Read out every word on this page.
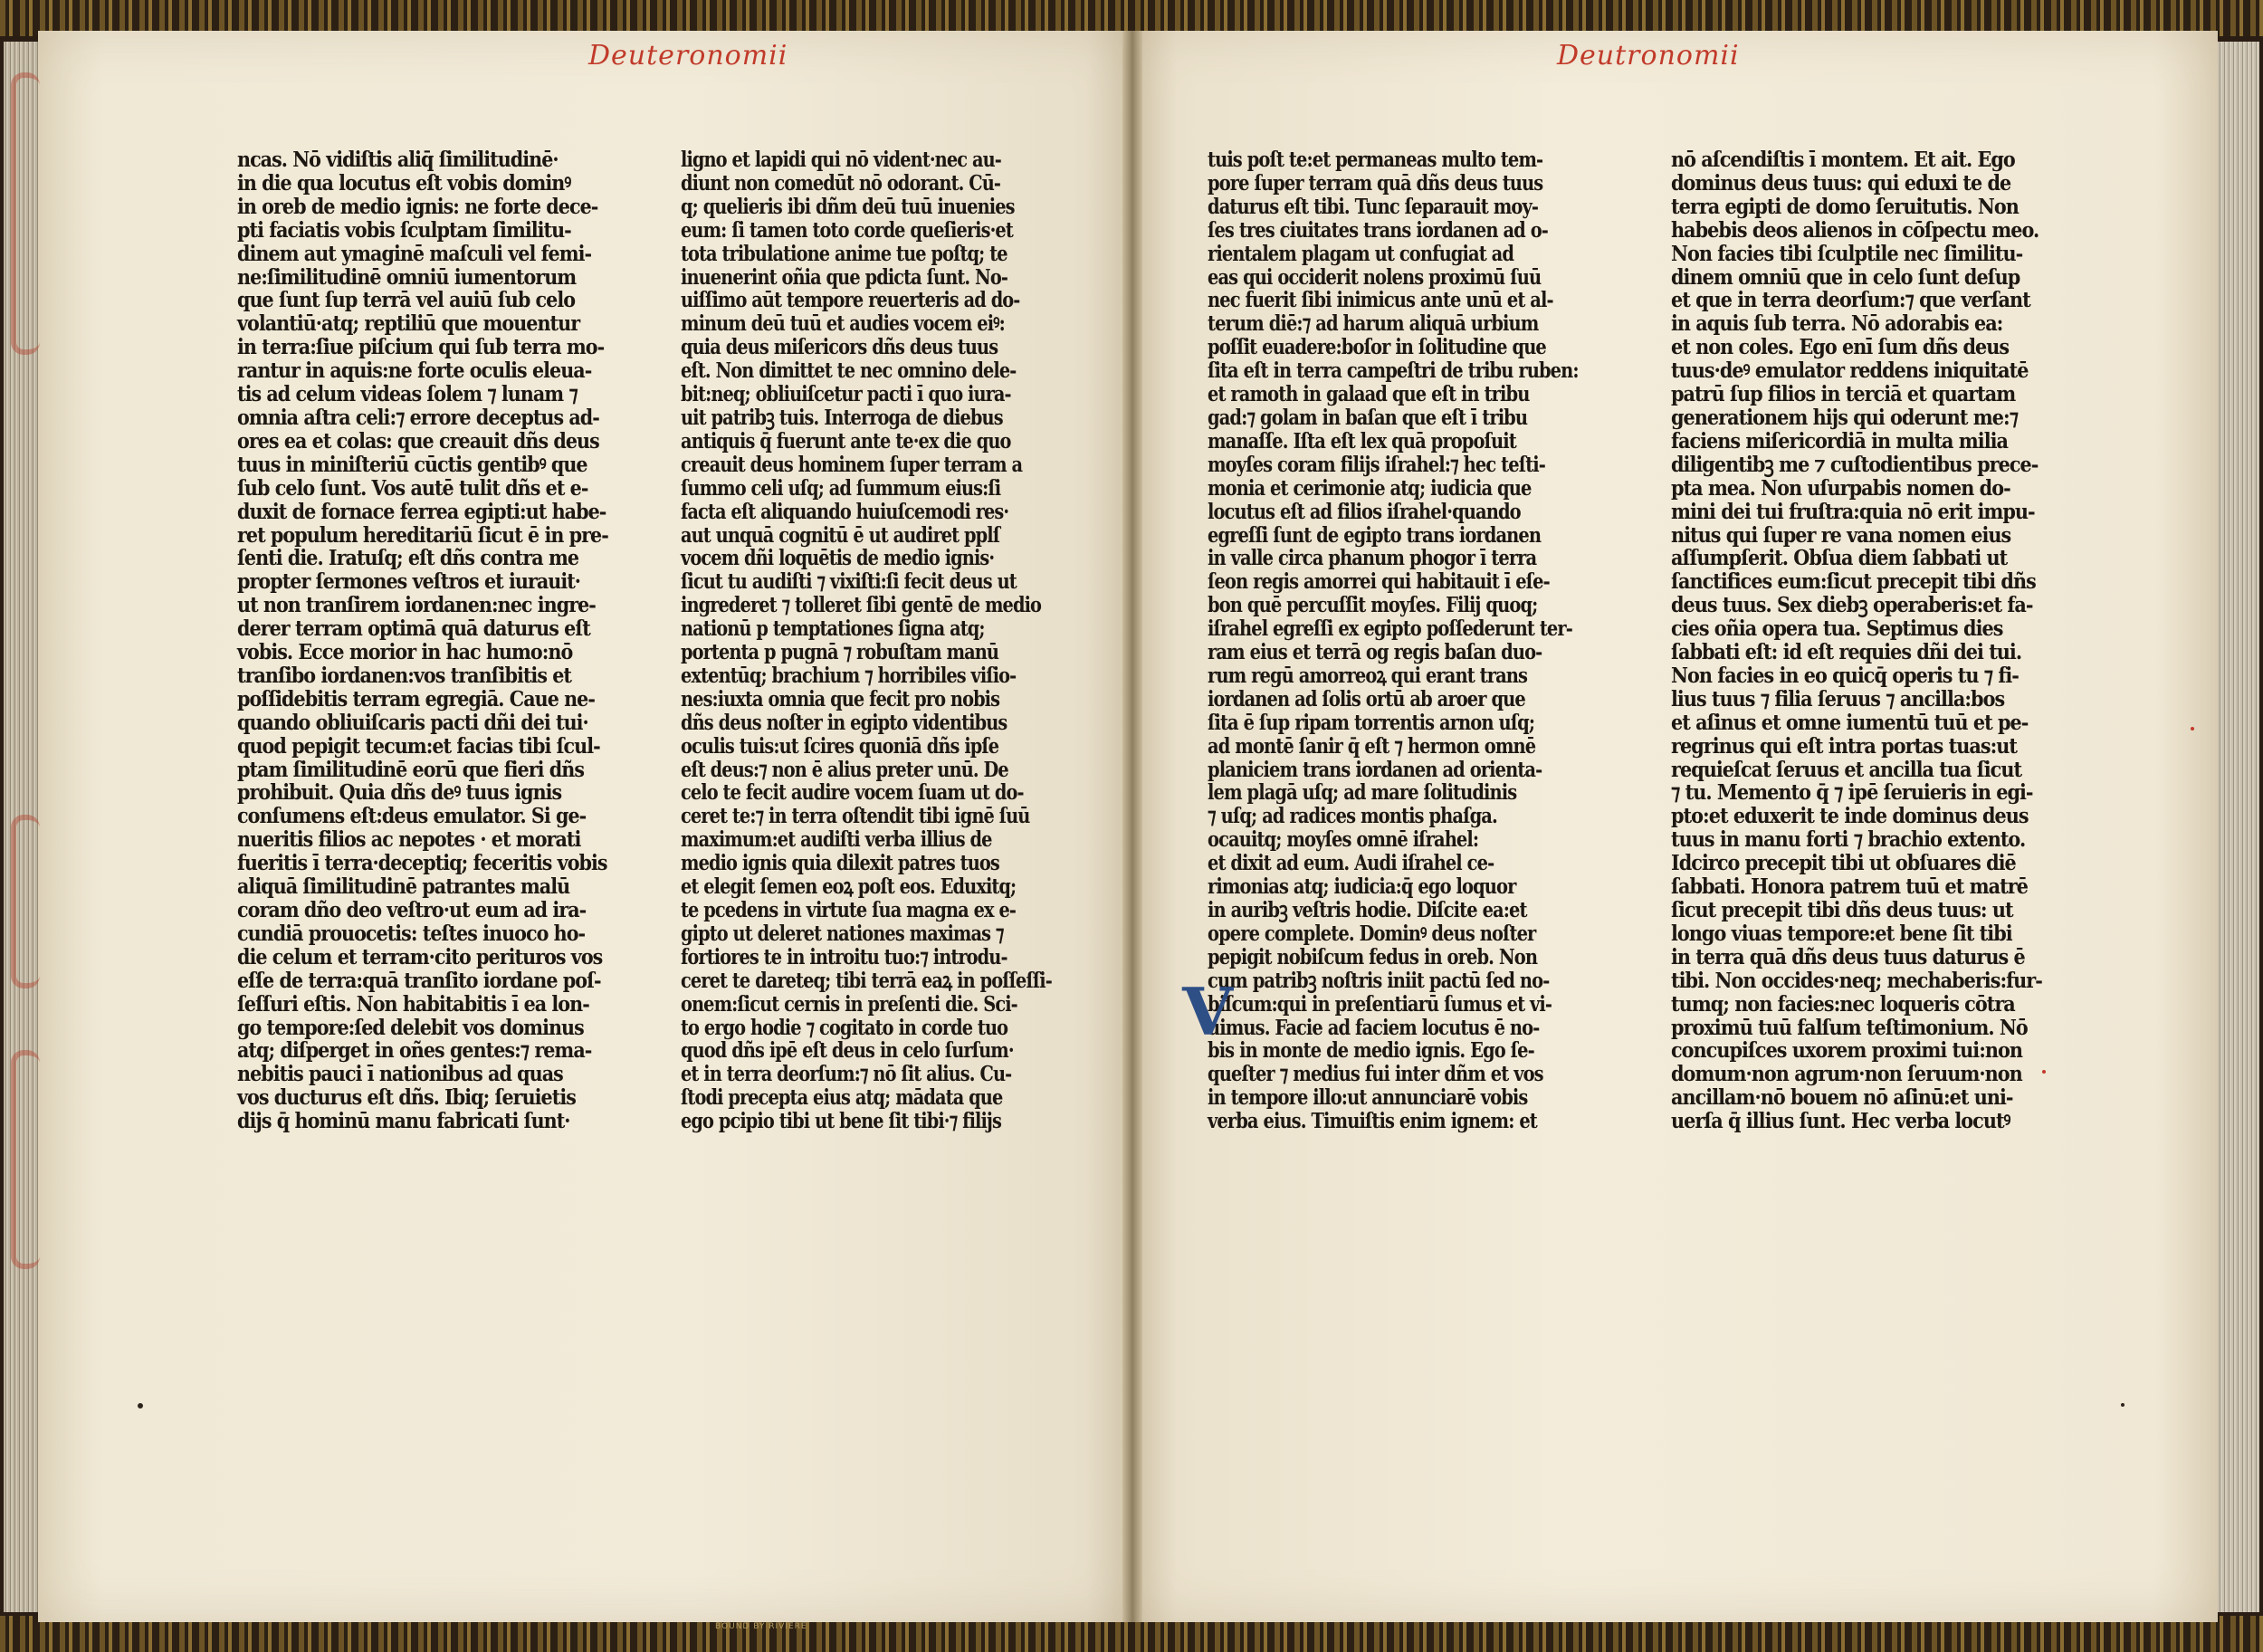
Deuteronomii	Deutronomii
ncas. Nō vidiſtis aliq̄ ſimilitudinē·
in die qua locutus eſt vobis dominꝰ
in oreb de medio ignis: ne forte
pti faciatis vobis ſculptam ſimilitu-
dinem aut ymaginē maſculi vel
ne:ſimilitudinē omniū iumentorum
que ſunt ſup terrā vel auiū ſub celo
volantiū·atq; reptiliū que mouentur
in terra:ſiue piſcium qui ſub terra
rantur in aquis:ne forte oculis eleua-
tis ad celum videas ſolem ⁊ lunam
omnia aſtra celi:⁊ errore deceptus
ores ea et colas: que creauit dñs
tuus in miniſteriū cūctis gentibꝰ
ſub celo ſunt. Vos autē tulit dñs et
duxit de fornace ferrea egipti:ut
ret populum hereditariū ſicut ē in
ſenti die. Iratuſq; eſt dñs contra me
propter ſermones veſtros et iurauit·
ut non tranſirem iordanen:nec
derer terram optimā quā daturus
vobis. Ecce morior in hac humo:nō
tranſibo iordanen:vos tranſibitis et
poſſidebitis terram egregiā. Caue
quando obliuiſcaris pacti dñi dei
quod pepigit tecum:et facias tibi
ptam ſimilitudinē eorū que fieri
prohibuit. Quia dñs deꝰ tuus ignis
conſumens eſt:deus emulator. Si
nueritis filios ac nepotes · et morati
fueritis ī terra·deceptiq; feceritis
aliquā ſimilitudinē patrantes malū
coram dño deo veſtro·ut eum ad
cundiā prouocetis: teſtes inuoco
die celum et terram·cito perituros
eſſe de terra:quā tranſito iordane
ſeſſuri eſtis. Non habitabitis ī ea
go tempore:ſed delebit vos dominus
atq; diſperget in oñes gentes:⁊ rema-
nebitis pauci ī nationibus ad quas
vos ducturus eſt dñs. Ibiq; ſeruietis
dijs q̄ hominū manu fabricati ſunt·
ligno et lapidi qui nō vident·nec
diunt non comedūt nō odorant. Cū-
q; quelieris ibi dñm deū tuū inuenies
eum: ſi tamen toto corde queſieris·et
tota tribulatione anime tue poſtq;
inuenerint oñia que pdicta ſunt.
uiſſimo aūt tempore reuerteris ad
minum deū tuū et audies vocem
quia deus miſericors dñs deus tuus
eſt. Non dimittet te nec omnino
bit:neq; obliuiſcetur pacti ī quo
uit patribꝫ tuis. Interroga de diebus
antiquis q̄ fuerunt ante te·ex die
creauit deus hominem ſuper terram
ſummo celi uſq; ad ſummum eius:ſi
facta eſt aliquando huiuſcemodi
aut unquā cognitū ē ut audiret pplſ
vocem dñi loquētis de medio ignis·
ſicut tu audiſti ⁊ vixiſti:ſi fecit deus
ingrederet ⁊ tolleret ſibi gentē de
nationū p temptationes ſigna atq;
portenta p pugnā ⁊ robuſtam manū
extentūq; brachium ⁊ horribiles
nes:iuxta omnia que fecit pro nobis
dñs deus noſter in egipto videntibus
oculis tuis:ut ſcires quoniā dñs ipſe
eſt deus:⁊ non ē alius preter unū.
celo te fecit audire vocem ſuam ut
ceret te:⁊ in terra oſtendit tibi ignē
maximum:et audiſti verba illius de
medio ignis quia dilexit patres tuos
et elegit ſemen eoꝝ poſt eos. Eduxitq;
te pcedens in virtute ſua magna ex
gipto ut deleret nationes maximas
fortiores te in introitu tuo:⁊ introdu-
ceret te dareteq; tibi terrā eaꝝ in
onem:ſicut cernis in preſenti die.
to ergo hodie ⁊ cogitato in corde
quod dñs ipē eſt deus in celo ſurſum·
et in terra deorſum:⁊ nō ſit alius.
ſtodi precepta eius atq; mādata que
ego pcipio tibi ut bene ſit tibi·⁊ filijs
tuis poſt te:et permaneas multo
pore ſuper terram quā dñs deus
daturus eſt tibi. Tunc ſeparauit
ſes tres ciuitates trans iordanen ad
rientalem plagam ut confugiat ad
eas qui occiderit nolens proximū
nec fuerit ſibi inimicus ante unū
terum diē:⁊ ad harum aliquā urbium
poſſit euadere:boſor in ſolitudine
ſita eſt in terra campeſtri de tribu
et ramoth in galaad que eſt in tribu
gad:⁊ golam in baſan que eſt ī tribu
manaſſe. Iſta eſt lex quā propoſuit
moyſes coram filijs iſrahel:⁊ hec
monia et cerimonie atq; iudicia que
locutus eſt ad filios iſrahel·quando
egreſſi ſunt de egipto trans iordanen
in valle circa phanum phogor ī terra
ſeon regis amorrei qui habitauit ī
bon quē percuſſit moyſes. Filij quoq;
iſrahel egreſſi ex egipto poſſederunt
ram eius et terrā og regis baſan
rum regū amorreoꝝ qui erant trans
iordanen ad ſolis ortū ab aroer que
ſita ē ſup ripam torrentis arnon
ad montē ſanir q̄ eſt ⁊ hermon omnē
planiciem trans iordanen ad orienta-
lem plagā uſq; ad mare ſolitudinis
⁊ uſq; ad radices montis phaſga.
ocauitq; moyſes omnē iſrahel:
et dixit ad eum. Audi iſrahel ce-
rimonias atq; iudicia:q̄ ego loquor
in auribꝫ veſtris hodie. Diſcite ea:et
opere complete. Dominꝰ deus noſter
pepigit nobiſcum fedus in oreb.
cum patribꝫ noſtris iniit pactū ſed
biſcum:qui in preſentiarū ſumus
uimus. Facie ad faciem locutus ē
bis in monte de medio ignis. Ego
queſter ⁊ medius fui inter dñm et
in tempore illo:ut annunciarē vobis
verba eius. Timuiſtis enim ignem:
nō aſcendiſtis ī montem. Et ait. Ego
dominus deus tuus: qui eduxi te
terra egipti de domo ſeruitutis. Non
habebis deos alienos in cōſpectu
Non facies tibi ſculptile nec ſimilitu-
dinem omniū que in celo ſunt deſup
et que in terra deorſum:⁊ que verſant
in aquis ſub terra. Nō adorabis ea:
et non coles. Ego enī ſum dñs deus
tuus·deꝰ emulator reddens iniquitatē
patrū ſup filios in terciā et quartam
generationem hijs qui oderunt me:⁊
faciens miſericordiā in multa milia
diligentibꝫ me ⁊ cuſtodientibus
pta mea. Non uſurpabis nomen do-
mini dei tui fruſtra:quia nō erit
nitus qui ſuper re vana nomen eius
aſſumpſerit. Obſua diem ſabbati ut
ſanctifices eum:ſicut precepit tibi
deus tuus. Sex diebꝫ operaberis:et
cies oñia opera tua. Septimus dies
ſabbati eſt: id eſt requies dñi dei
Non facies in eo quicq̄ operis tu ⁊
lius tuus ⁊ filia ſeruus ⁊ ancilla:bos
et aſinus et omne iumentū tuū et
regrinus qui eſt intra portas tuas:ut
requieſcat ſeruus et ancilla tua
⁊ tu. Memento q̄ ⁊ ipē ſeruieris in
pto:et eduxerit te inde dominus
tuus in manu forti ⁊ brachio extento.
Idcirco precepit tibi ut obſuares
ſabbati. Honora patrem tuū et matrē
ſicut precepit tibi dñs deus tuus:
longo viuas tempore:et bene ſit tibi
in terra quā dñs deus tuus daturus
tibi. Non occides·neq; mechaberis:fur-
tumq; non facies:nec loqueris cōtra
proximū tuū falſum teſtimonium.
concupiſces uxorem proximi tui:non
domum·non agrum·non ſeruum·non
ancillam·nō bouem nō aſinū:et uni-
uerſa q̄ illius ſunt. Hec verba locutꝰ
V
BOUND BY RIVIERE
